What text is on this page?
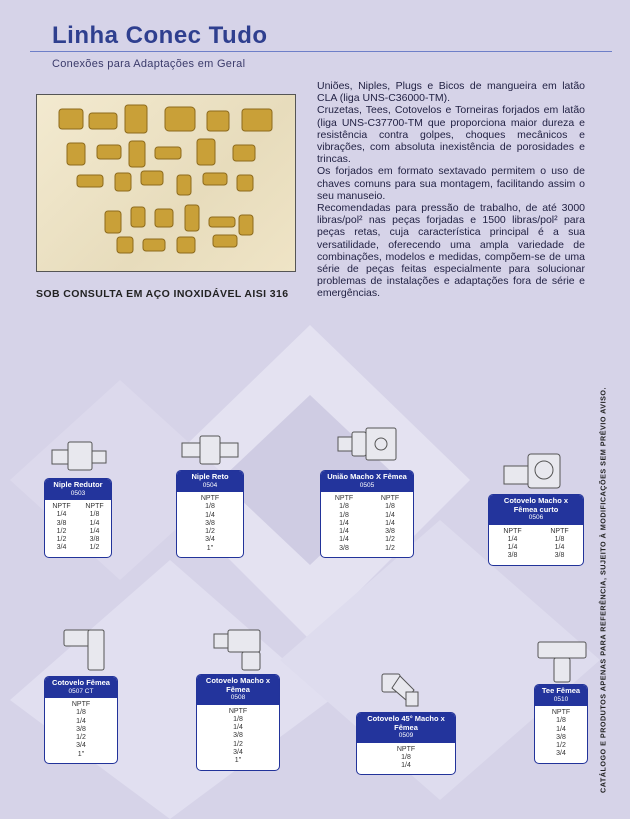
Linha Conec Tudo
Conexões para Adaptações em Geral
SOB CONSULTA EM AÇO INOXIDÁVEL AISI 316

Uniões, Niples, Plugs e Bicos de mangueira em latão CLA (liga UNS-C36000-TM).

Cruzetas, Tees, Cotovelos e Torneiras forjados em latão (liga UNS-C37700-TM que proporciona maior dureza e resistência contra golpes, choques mecânicos e vibrações, com absoluta inexistência de porosidades e trincas.

Os forjados em formato sextavado permitem o uso de chaves comuns para sua montagem, facilitando assim o seu manuseio.

Recomendadas para pressão de trabalho, de até 3000 libras/pol² nas peças forjadas e 1500 libras/pol² para peças retas, cuja característica principal é a sua versatilidade, oferecendo uma ampla variedade de combinações, modelos e medidas, compõem-se de uma série de peças feitas especialmente para solucionar problemas de instalações e adaptações fora de série e emergências.

CATÁLOGO E PRODUTOS APENAS PARA REFERÊNCIA, SUJEITO À MODIFICAÇÕES SEM PRÉVIO AVISO.
Niple Redutor
0503
NPTF	NPTF
1/4	1/8
3/8	1/4
1/2	1/4
1/2	3/8
3/4	1/2
Niple Reto
0504
NPTF
1/8
1/4
3/8
1/2
3/4
1"
União Macho X Fêmea
0505
NPTF	NPTF
1/8	1/8
1/8	1/4
1/4	1/4
1/4	3/8
1/4	1/2
3/8	1/2
Cotovelo Macho x Fêmea curto
0506
NPTF	NPTF
1/4	1/8
1/4	1/4
3/8	3/8
Cotovelo Fêmea
0507 CT
NPTF
1/8
1/4
3/8
1/2
3/4
1"
Cotovelo Macho x Fêmea
0508
NPTF
1/8
1/4
3/8
1/2
3/4
1"
Cotovelo 45° Macho x Fêmea
0509
NPTF
1/8
1/4
Tee Fêmea
0510
NPTF
1/8
1/4
3/8
1/2
3/4
